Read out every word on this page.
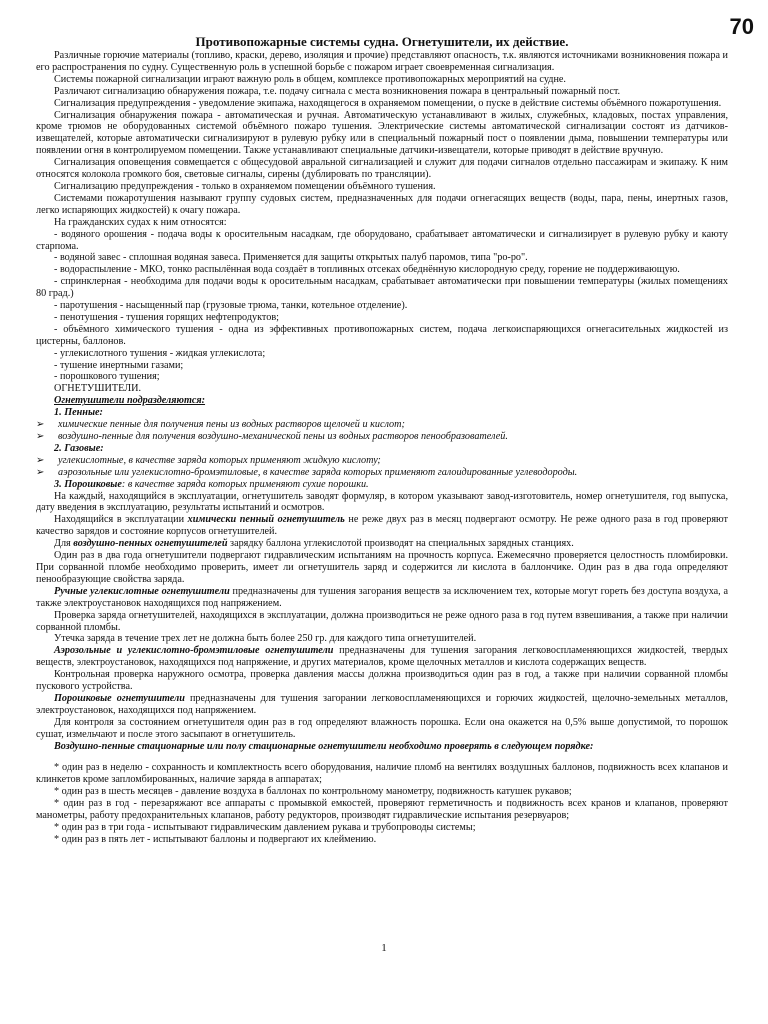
70
Противопожарные системы судна. Огнетушители, их действие.

Различные горючие материалы (топливо, краски, дерево, изоляция и прочие) представляют опасность, т.к. являются источниками возникновения пожара и его распространения по судну. Существенную роль в успешной борьбе с пожаром играет своевременная сигнализация.

Системы пожарной сигнализации играют важную роль в общем, комплексе противопожарных мероприятий на судне.

Различают сигнализацию обнаружения пожара, т.е. подачу сигнала с места возникновения пожара в центральный пожарный пост.

Сигнализация предупреждения - уведомление экипажа, находящегося в охраняемом помещении, о пуске в действие системы объёмного пожаротушения.

Сигнализация обнаружения пожара - автоматическая и ручная. Автоматическую устанавливают в жилых, служебных, кладовых, постах управления, кроме трюмов не оборудованных системой объёмного пожаро тушения. Электрические системы автоматической сигнализации состоят из датчиков-извещателей, которые автоматически сигнализируют в рулевую рубку или в специальный пожарный пост о появлении дыма, повышении температуры или появлении огня в контролируемом помещении. Также устанавливают специальные датчики-извещатели, которые приводят в действие вручную.

Сигнализация оповещения совмещается с общесудовой авральной сигнализацией и служит для подачи сигналов отдельно пассажирам и экипажу. К ним относятся колокола громкого боя, световые сигналы, сирены (дублировать по трансляции).

Сигнализацию предупреждения - только в охраняемом помещении объёмного тушения.

Системами пожаротушения называют группу судовых систем, предназначенных для подачи огнегасящих веществ (воды, пара, пены, инертных газов, легко испаряющих жидкостей) к очагу пожара.

На гражданских судах к ним относятся:

- водяного орошения - подача воды к оросительным насадкам, где оборудовано, срабатывает автоматически и сигнализирует в рулевую рубку и каюту старпома.

- водяной завес - сплошная водяная завеса. Применяется для защиты открытых палуб паромов, типа "ро-ро".

- водораспыление - МКО, тонко распылённая вода создаёт в топливных отсеках обеднённую кислородную среду, горение не поддерживающую.

- спринклерная - необходима для подачи воды к оросительным насадкам, срабатывает автоматически при повышении температуры (жилых помещениях 80 град.)

- паротушения - насыщенный пар (грузовые трюма, танки, котельное отделение).

- пенотушения - тушения горящих нефтепродуктов;

- объёмного химического тушения - одна из эффективных противопожарных систем, подача легкоиспаряющихся огнегасительных жидкостей из цистерны, баллонов.

- углекислотного тушения - жидкая углекислота;

- тушение инертными газами;

- порошкового тушения;

ОГНЕТУШИТЕЛИ.

Огнетушители подразделяются:

1. Пенные:

➢ химические пенные для получения пены из водных растворов щелочей и кислот;

➢ воздушно-пенные для получения воздушно-механической пены из водных растворов пенообразователей.

2. Газовые:

➢ углекислотные, в качестве заряда которых применяют жидкую кислоту;

➢ аэрозольные или углекислотно-бромэтиловые, в качестве заряда которых применяют галоидированные углеводороды.

3. Порошковые: в качестве заряда которых применяют сухие порошки.

На каждый, находящийся в эксплуатации, огнетушитель заводят формуляр, в котором указывают завод-изготовитель, номер огнетушителя, год выпуска, дату введения в эксплуатацию, результаты испытаний и осмотров.

Находящийся в эксплуатации химически пенный огнетушитель не реже двух раз в месяц подвергают осмотру. Не реже одного раза в год проверяют качество зарядов и состояние корпусов огнетушителей.

Для воздушно-пенных огнетушителей зарядку баллона углекислотой производят на специальных зарядных станциях.

Один раз в два года огнетушители подвергают гидравлическим испытаниям на прочность корпуса. Ежемесячно проверяется целостность пломбировки. При сорванной пломбе необходимо проверить, имеет ли огнетушитель заряд и содержится ли кислота в баллончике. Один раз в два года определяют пенообразующие свойства заряда.

Ручные углекислотные огнетушители предназначены для тушения загорания веществ за исключением тех, которые могут гореть без доступа воздуха, а также электроустановок находящихся под напряжением.

Проверка заряда огнетушителей, находящихся в эксплуатации, должна производиться не реже одного раза в год путем взвешивания, а также при наличии сорванной пломбы.

Утечка заряда в течение трех лет не должна быть более 250 гр. для каждого типа огнетушителей.

Аэрозольные и углекислотно-бромэтиловые огнетушители предназначены для тушения загорания легковоспламеняющихся жидкостей, твердых веществ, электроустановок, находящихся под напряжение, и других материалов, кроме щелочных металлов и кислота содержащих веществ.

Контрольная проверка наружного осмотра, проверка давления массы должна производиться один раз в год, а также при наличии сорванной пломбы пускового устройства.

Порошковые огнетушители предназначены для тушения загорании легковоспламеняющихся и горючих жидкостей, щелочно-земельных металлов, электроустановок, находящихся под напряжением.

Для контроля за состоянием огнетушителя один раз в год определяют влажность порошка. Если она окажется на 0,5% выше допустимой, то порошок сушат, измельчают и после этого засыпают в огнетушитель.

Воздушно-пенные стационарные или полу стационарные огнетушители необходимо проверять в следующем порядке:

* один раз в неделю - сохранность и комплектность всего оборудования, наличие пломб на вентилях воздушных баллонов, подвижность всех клапанов и клинкетов кроме запломбированных, наличие заряда в аппаратах;

* один раз в шесть месяцев - давление воздуха в баллонах по контрольному манометру, подвижность катушек рукавов;

* один раз в год - перезаряжают все аппараты с промывкой емкостей, проверяют герметичность и подвижность всех кранов и клапанов, проверяют манометры, работу предохранительных клапанов, работу редукторов, производят гидравлические испытания резервуаров;

* один раз в три года - испытывают гидравлическим давлением рукава и трубопроводы системы;

* один раз в пять лет - испытывают баллоны и подвергают их клеймению.

1
